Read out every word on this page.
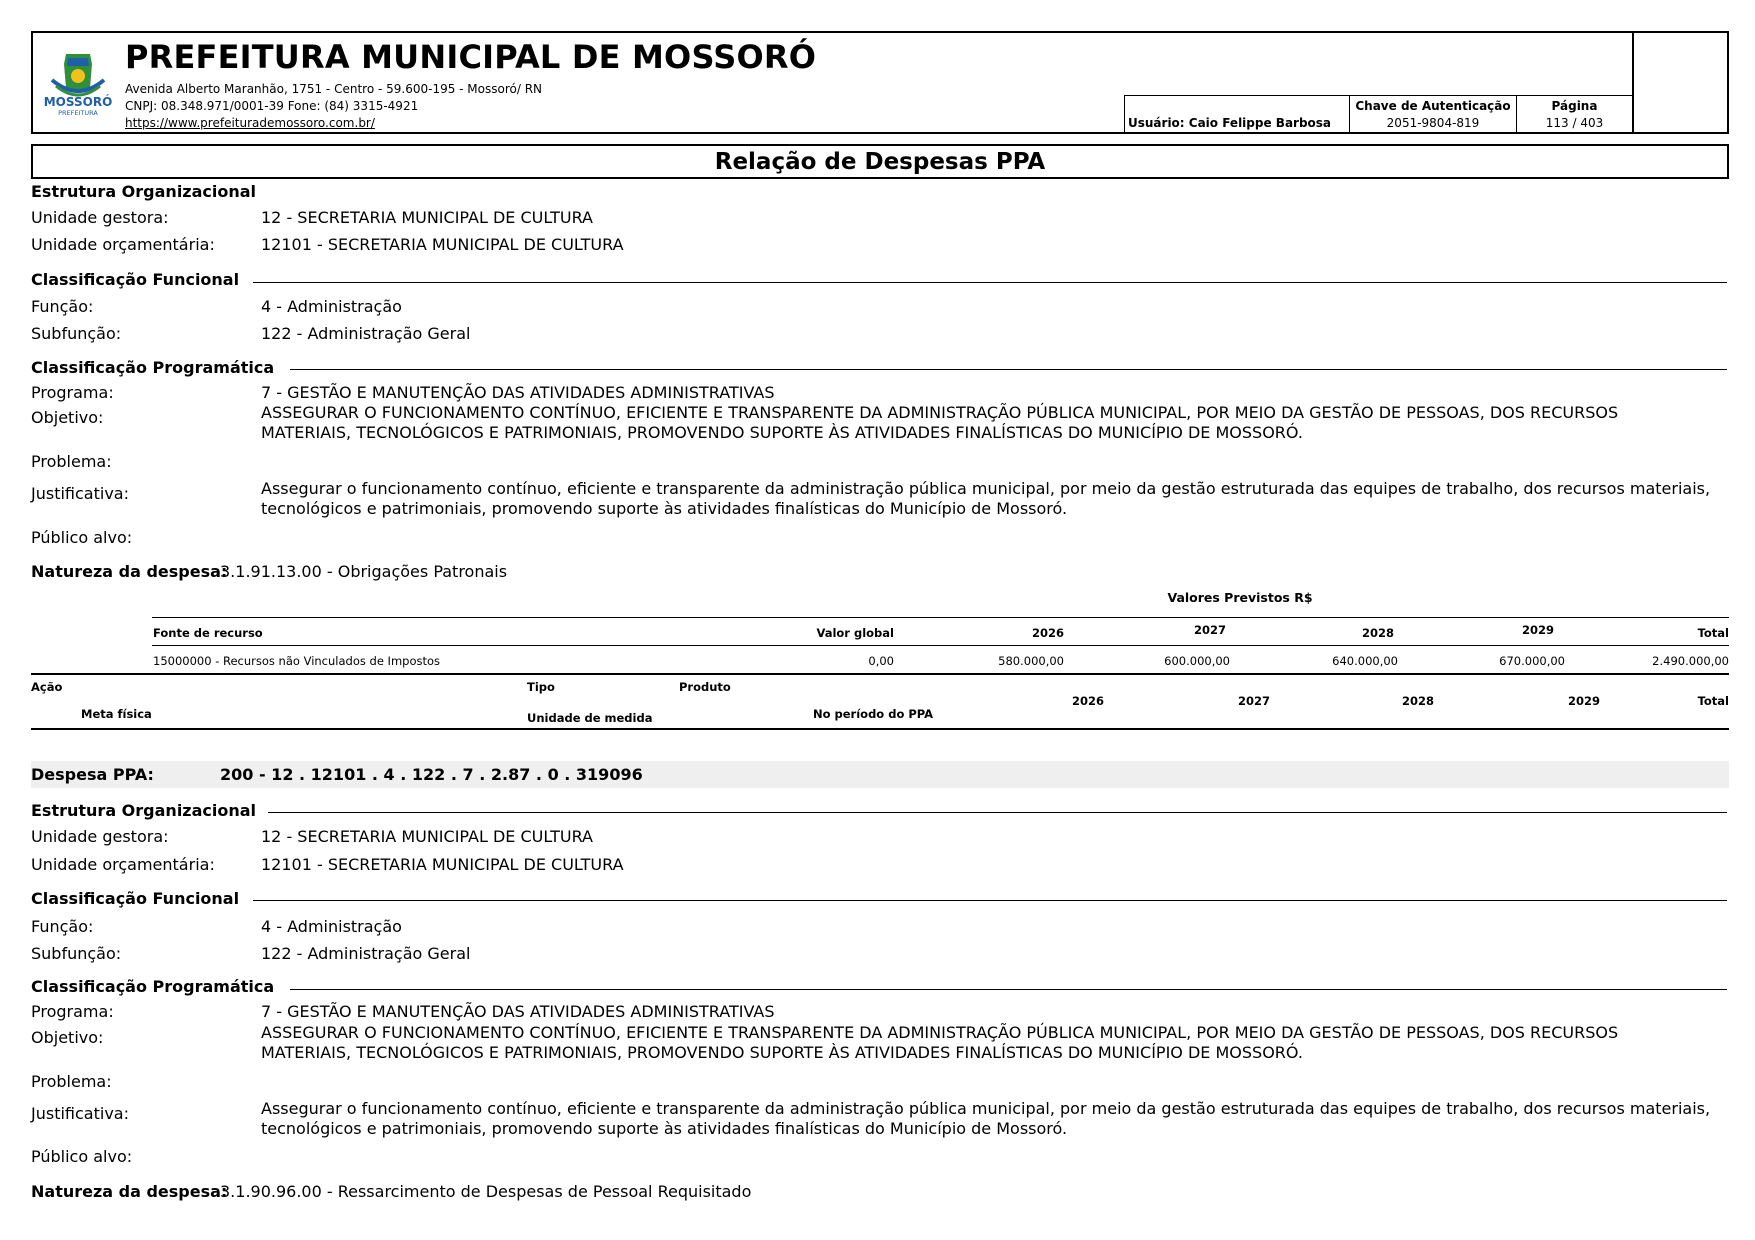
MOSSORÓ
PREFEITURA
PREFEITURA MUNICIPAL DE MOSSORÓ
Avenida Alberto Maranhão, 1751 - Centro - 59.600-195 - Mossoró/ RN
CNPJ: 08.348.971/0001-39 Fone: (84) 3315-4921
https://www.prefeiturademossoro.com.br/	Usuário: Caio Felippe Barbosa
Chave de Autenticação
2051-9804-819
Página
113 / 403
Relação de Despesas PPA
Estrutura Organizacional
Unidade gestora:	12 - SECRETARIA MUNICIPAL DE CULTURA
Unidade orçamentária:	12101 - SECRETARIA MUNICIPAL DE CULTURA
Classificação Funcional
Função:	4 - Administração
Subfunção:	122 - Administração Geral
Classificação Programática
Programa:	7 - GESTÃO E MANUTENÇÃO DAS ATIVIDADES ADMINISTRATIVAS
Objetivo:	ASSEGURAR O FUNCIONAMENTO CONTÍNUO, EFICIENTE E TRANSPARENTE DA ADMINISTRAÇÃO PÚBLICA MUNICIPAL, POR MEIO DA GESTÃO DE PESSOAS, DOS RECURSOS MATERIAIS, TECNOLÓGICOS E PATRIMONIAIS, PROMOVENDO SUPORTE ÀS ATIVIDADES FINALÍSTICAS DO MUNICÍPIO DE MOSSORÓ.
Problema:
Justificativa:	Assegurar o funcionamento contínuo, eficiente e transparente da administração pública municipal, por meio da gestão estruturada das equipes de trabalho, dos recursos materiais, tecnológicos e patrimoniais, promovendo suporte às atividades finalísticas do Município de Mossoró.
Público alvo:
Natureza da despesa:
3.1.91.13.00 - Obrigações Patronais
Valores Previstos R$
Fonte de recurso	Valor global	2026	2027	2028	2029	Total
15000000 - Recursos não Vinculados de Impostos	0,00	580.000,00	600.000,00	640.000,00	670.000,00	2.490.000,00
Ação	Tipo	Produto
Meta física	Unidade de medida	No período do PPA
2026	2027	2028	2029	Total
Despesa PPA:	200 - 12 . 12101 . 4 . 122 . 7 . 2.87 . 0 . 319096
Estrutura Organizacional
Unidade gestora:	12 - SECRETARIA MUNICIPAL DE CULTURA
Unidade orçamentária:	12101 - SECRETARIA MUNICIPAL DE CULTURA
Classificação Funcional
Função:	4 - Administração
Subfunção:	122 - Administração Geral
Classificação Programática
Programa:	7 - GESTÃO E MANUTENÇÃO DAS ATIVIDADES ADMINISTRATIVAS
Objetivo:	ASSEGURAR O FUNCIONAMENTO CONTÍNUO, EFICIENTE E TRANSPARENTE DA ADMINISTRAÇÃO PÚBLICA MUNICIPAL, POR MEIO DA GESTÃO DE PESSOAS, DOS RECURSOS MATERIAIS, TECNOLÓGICOS E PATRIMONIAIS, PROMOVENDO SUPORTE ÀS ATIVIDADES FINALÍSTICAS DO MUNICÍPIO DE MOSSORÓ.
Problema:
Justificativa:	Assegurar o funcionamento contínuo, eficiente e transparente da administração pública municipal, por meio da gestão estruturada das equipes de trabalho, dos recursos materiais, tecnológicos e patrimoniais, promovendo suporte às atividades finalísticas do Município de Mossoró.
Público alvo:
Natureza da despesa:
3.1.90.96.00 - Ressarcimento de Despesas de Pessoal Requisitado
